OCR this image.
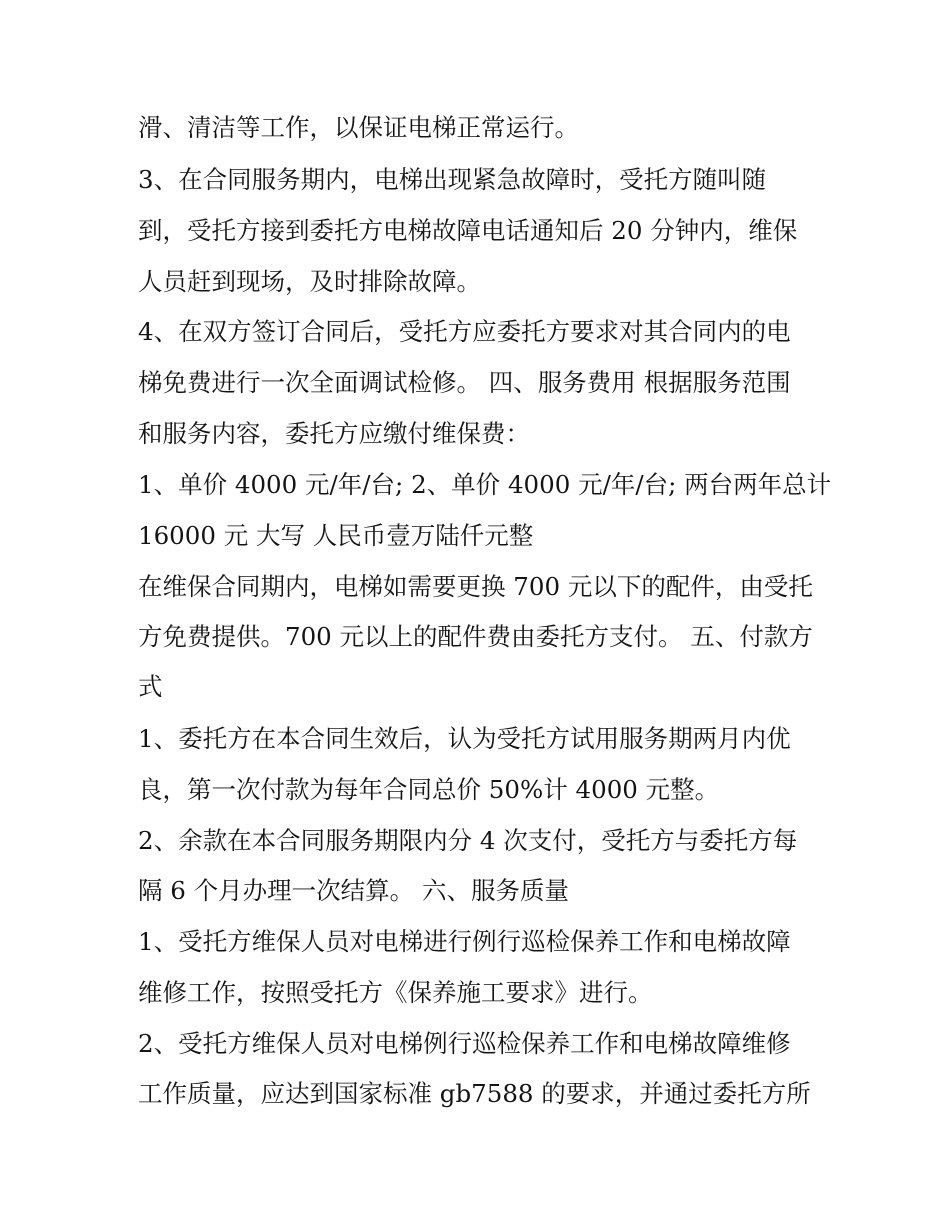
滑、清洁等工作，以保证电梯正常运行。
3、在合同服务期内，电梯出现紧急故障时，受托方随叫随
到，受托方接到委托方电梯故障电话通知后 20 分钟内，维保
人员赶到现场，及时排除故障。
4、在双方签订合同后，受托方应委托方要求对其合同内的电
梯免费进行一次全面调试检修。 四、服务费用 根据服务范围
和服务内容，委托方应缴付维保费：
1、单价 4000 元/年/台; 2、单价 4000 元/年/台; 两台两年总计
16000 元 大写 人民币壹万陆仟元整
在维保合同期内，电梯如需要更换 700 元以下的配件，由受托
方免费提供。700 元以上的配件费由委托方支付。 五、付款方
式
1、委托方在本合同生效后，认为受托方试用服务期两月内优
良，第一次付款为每年合同总价 50%计 4000 元整。
2、余款在本合同服务期限内分 4 次支付，受托方与委托方每
隔 6 个月办理一次结算。 六、服务质量
1、受托方维保人员对电梯进行例行巡检保养工作和电梯故障
维修工作，按照受托方《保养施工要求》进行。
2、受托方维保人员对电梯例行巡检保养工作和电梯故障维修
工作质量，应达到国家标准 gb7588 的要求，并通过委托方所
